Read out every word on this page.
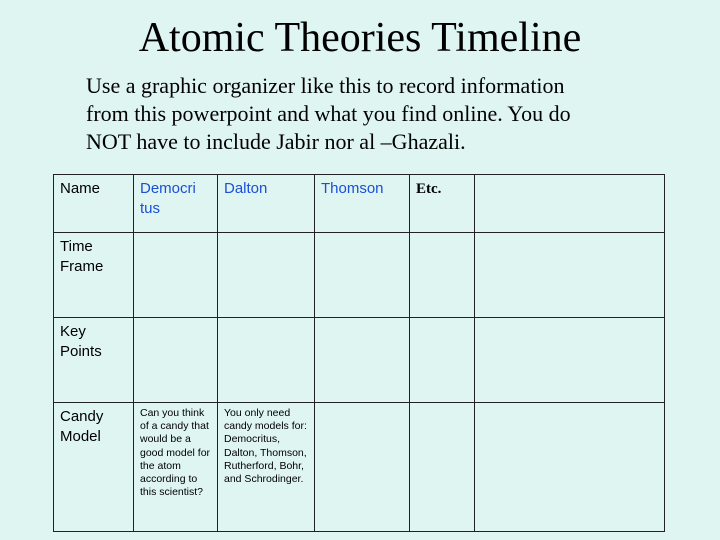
Atomic Theories Timeline
Use a graphic organizer like this to record information
from this powerpoint and what you find online. You do
NOT have to include Jabir nor al –Ghazali.
Name	Democri tus	Dalton	Thomson	Etc.	
Time Frame					
Key Points					
Candy Model	Can you think of a candy that would be a good model for the atom according to this scientist?	You only need candy models for: Democritus, Dalton, Thomson, Rutherford, Bohr, and Schrodinger.			
